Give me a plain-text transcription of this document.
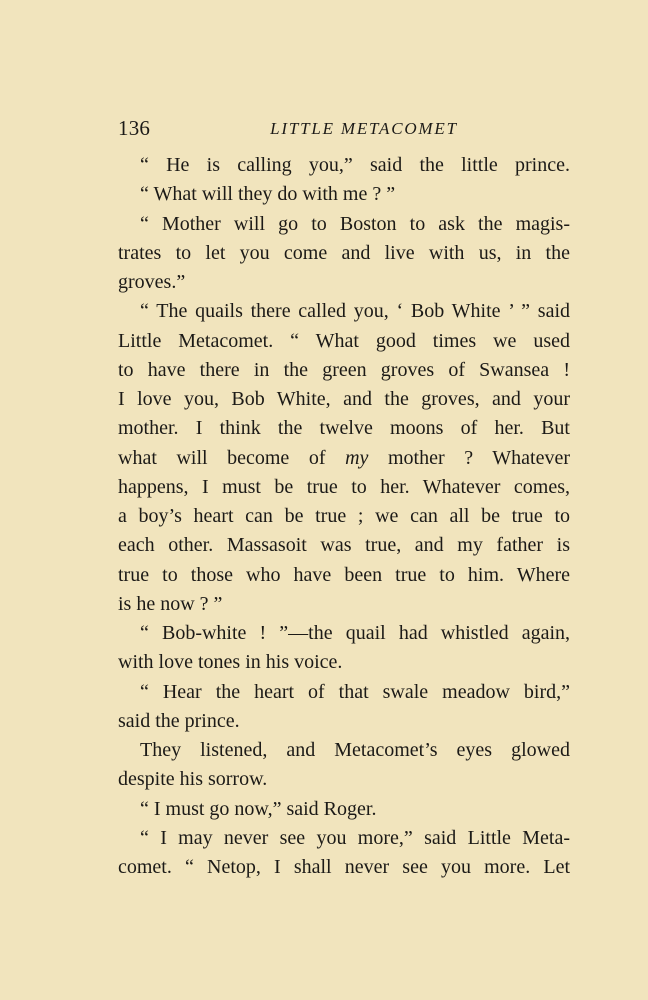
136	LITTLE METACOMET
“ He is calling you,” said the little prince.
“ What will they do with me ? ”
“ Mother will go to Boston to ask the magis-
trates to let you come and live with us, in the
groves.”
“ The quails there called you, ‘ Bob White ’ ” said
Little Metacomet. “ What good times we used
to have there in the green groves of Swansea !
I love you, Bob White, and the groves, and your
mother. I think the twelve moons of her. But
what will become of my mother ? Whatever
happens, I must be true to her. Whatever comes,
a boy’s heart can be true ; we can all be true to
each other. Massasoit was true, and my father is
true to those who have been true to him. Where
is he now ? ”
“ Bob-white ! ”—the quail had whistled again,
with love tones in his voice.
“ Hear the heart of that swale meadow bird,”
said the prince.
They listened, and Metacomet’s eyes glowed
despite his sorrow.
“ I must go now,” said Roger.
“ I may never see you more,” said Little Meta-
comet. “ Netop, I shall never see you more. Let
